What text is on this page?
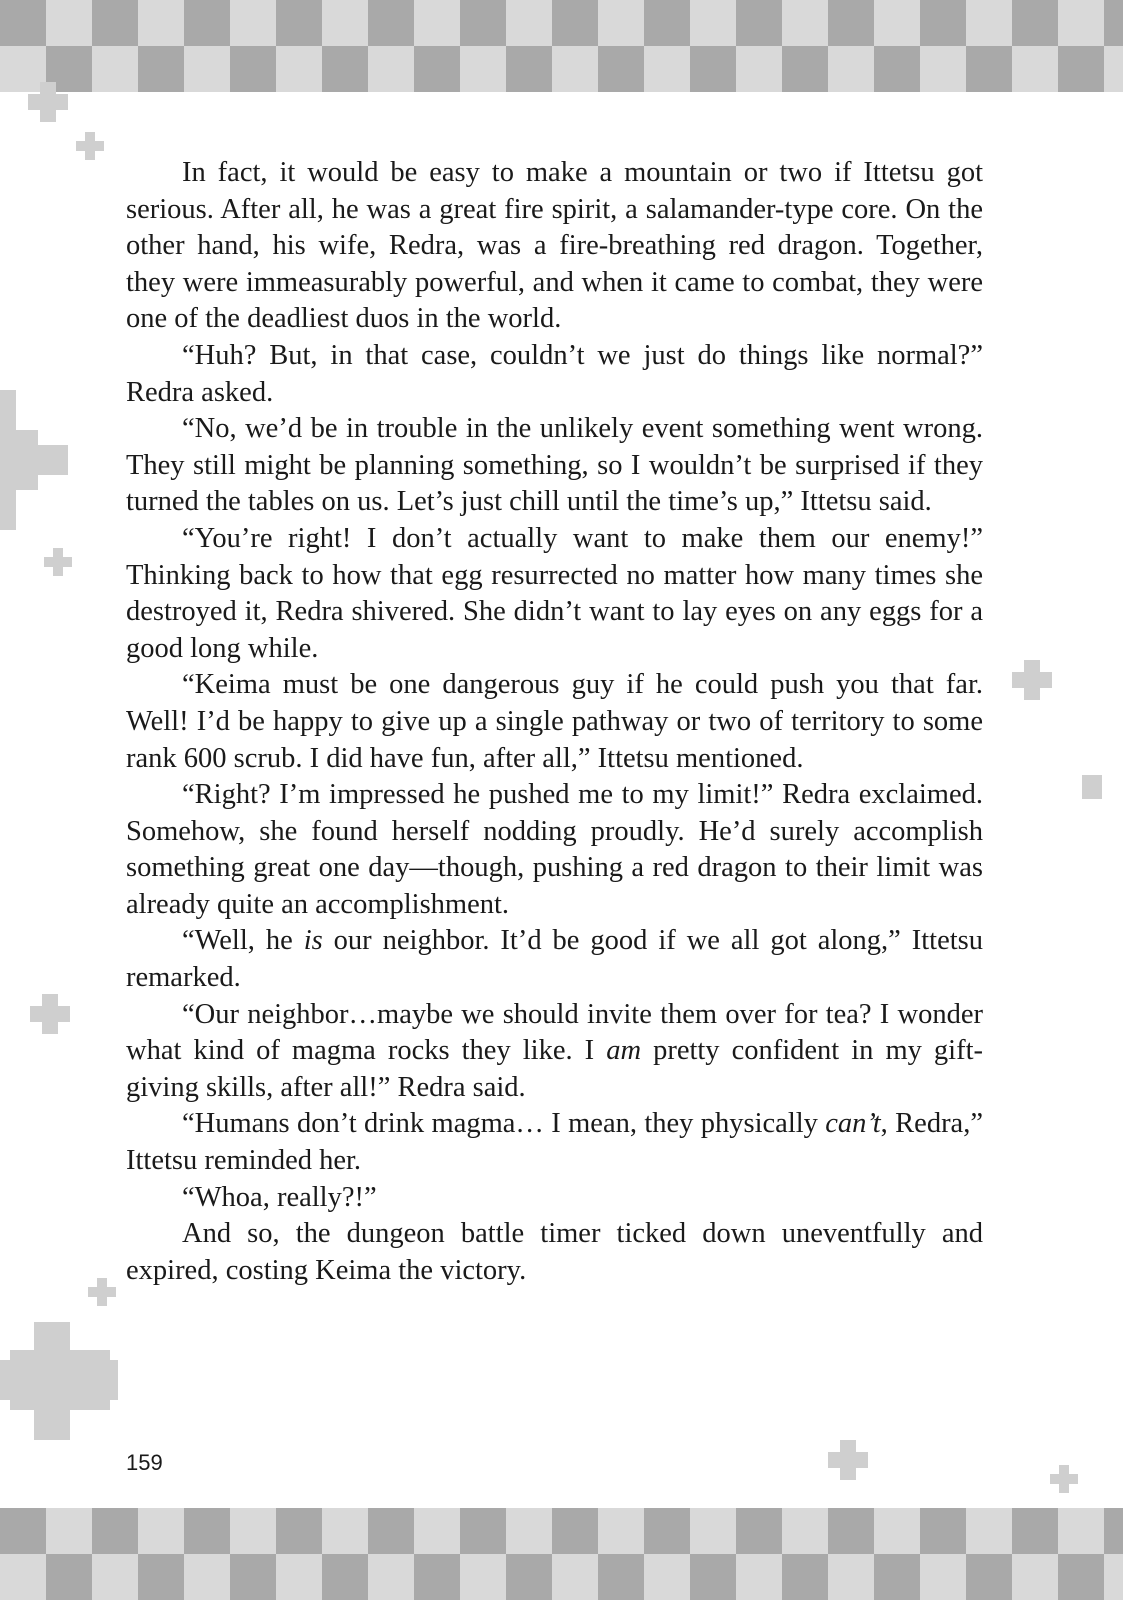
In fact, it would be easy to make a mountain or two if Ittetsu got serious. After all, he was a great fire spirit, a salamander-type core. On the other hand, his wife, Redra, was a fire-breathing red dragon. Together, they were immeasurably powerful, and when it came to combat, they were one of the deadliest duos in the world.

“Huh? But, in that case, couldn’t we just do things like normal?” Redra asked.

“No, we’d be in trouble in the unlikely event something went wrong. They still might be planning something, so I wouldn’t be surprised if they turned the tables on us. Let’s just chill until the time’s up,” Ittetsu said.

“You’re right! I don’t actually want to make them our enemy!” Thinking back to how that egg resurrected no matter how many times she destroyed it, Redra shivered. She didn’t want to lay eyes on any eggs for a good long while.

“Keima must be one dangerous guy if he could push you that far. Well! I’d be happy to give up a single pathway or two of territory to some rank 600 scrub. I did have fun, after all,” Ittetsu mentioned.

“Right? I’m impressed he pushed me to my limit!” Redra exclaimed. Somehow, she found herself nodding proudly. He’d surely accomplish something great one day—though, pushing a red dragon to their limit was already quite an accomplishment.

“Well, he is our neighbor. It’d be good if we all got along,” Ittetsu remarked.

“Our neighbor…maybe we should invite them over for tea? I wonder what kind of magma rocks they like. I am pretty confident in my gift-giving skills, after all!” Redra said.

“Humans don’t drink magma… I mean, they physically can’t, Redra,” Ittetsu reminded her.

“Whoa, really?!”

And so, the dungeon battle timer ticked down uneventfully and expired, costing Keima the victory.

159
